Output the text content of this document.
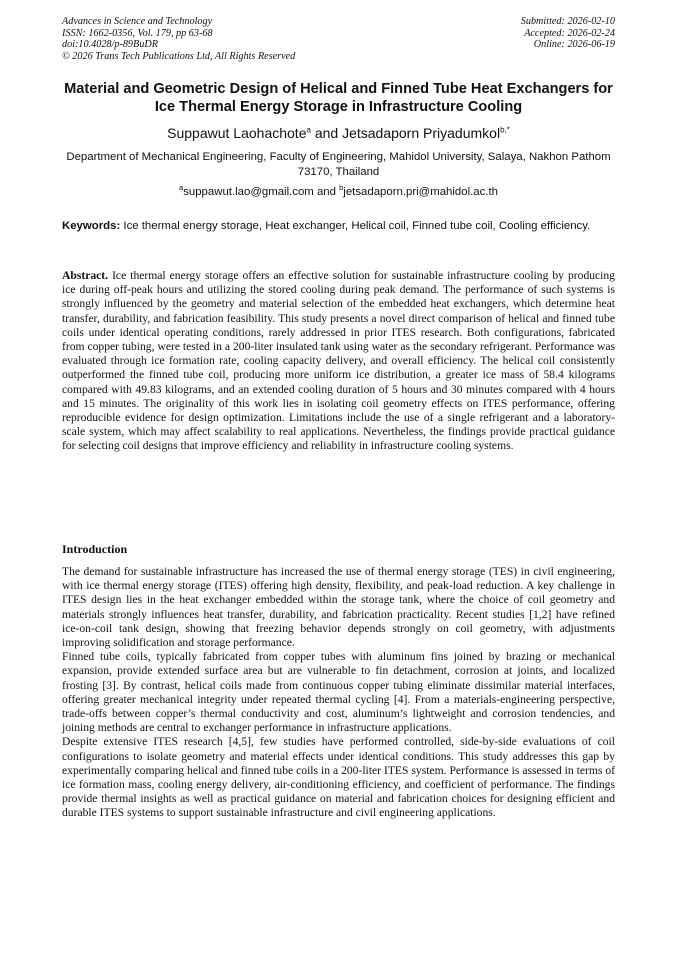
Advances in Science and Technology
ISSN: 1662-0356, Vol. 179, pp 63-68
doi:10.4028/p-89BuDR
© 2026 Trans Tech Publications Ltd, All Rights Reserved
Submitted: 2026-02-10
Accepted: 2026-02-24
Online: 2026-06-19
Material and Geometric Design of Helical and Finned Tube Heat Exchangers for Ice Thermal Energy Storage in Infrastructure Cooling
Suppawut Laohachote$^a$ and Jetsadaporn Priyadumkol$^{b,*}$
Department of Mechanical Engineering, Faculty of Engineering, Mahidol University, Salaya, Nakhon Pathom 73170, Thailand
$^a$suppawut.lao@gmail.com and $^b$jetsadaporn.pri@mahidol.ac.th
Keywords: Ice thermal energy storage, Heat exchanger, Helical coil, Finned tube coil, Cooling efficiency.
Abstract. Ice thermal energy storage offers an effective solution for sustainable infrastructure cooling by producing ice during off-peak hours and utilizing the stored cooling during peak demand. The performance of such systems is strongly influenced by the geometry and material selection of the embedded heat exchangers, which determine heat transfer, durability, and fabrication feasibility. This study presents a novel direct comparison of helical and finned tube coils under identical operating conditions, rarely addressed in prior ITES research. Both configurations, fabricated from copper tubing, were tested in a 200-liter insulated tank using water as the secondary refrigerant. Performance was evaluated through ice formation rate, cooling capacity delivery, and overall efficiency. The helical coil consistently outperformed the finned tube coil, producing more uniform ice distribution, a greater ice mass of 58.4 kilograms compared with 49.83 kilograms, and an extended cooling duration of 5 hours and 30 minutes compared with 4 hours and 15 minutes. The originality of this work lies in isolating coil geometry effects on ITES performance, offering reproducible evidence for design optimization. Limitations include the use of a single refrigerant and a laboratory-scale system, which may affect scalability to real applications. Nevertheless, the findings provide practical guidance for selecting coil designs that improve efficiency and reliability in infrastructure cooling systems.
Introduction

The demand for sustainable infrastructure has increased the use of thermal energy storage (TES) in civil engineering, with ice thermal energy storage (ITES) offering high density, flexibility, and peak-load reduction. A key challenge in ITES design lies in the heat exchanger embedded within the storage tank, where the choice of coil geometry and materials strongly influences heat transfer, durability, and fabrication practicality. Recent studies [1,2] have refined ice-on-coil tank design, showing that freezing behavior depends strongly on coil geometry, with adjustments improving solidification and storage performance.

Finned tube coils, typically fabricated from copper tubes with aluminum fins joined by brazing or mechanical expansion, provide extended surface area but are vulnerable to fin detachment, corrosion at joints, and localized frosting [3]. By contrast, helical coils made from continuous copper tubing eliminate dissimilar material interfaces, offering greater mechanical integrity under repeated thermal cycling [4]. From a materials-engineering perspective, trade-offs between copper’s thermal conductivity and cost, aluminum’s lightweight and corrosion tendencies, and joining methods are central to exchanger performance in infrastructure applications.

Despite extensive ITES research [4,5], few studies have performed controlled, side-by-side evaluations of coil configurations to isolate geometry and material effects under identical conditions. This study addresses this gap by experimentally comparing helical and finned tube coils in a 200-liter ITES system. Performance is assessed in terms of ice formation mass, cooling energy delivery, air-conditioning efficiency, and coefficient of performance. The findings provide thermal insights as well as practical guidance on material and fabrication choices for designing efficient and durable ITES systems to support sustainable infrastructure and civil engineering applications.
